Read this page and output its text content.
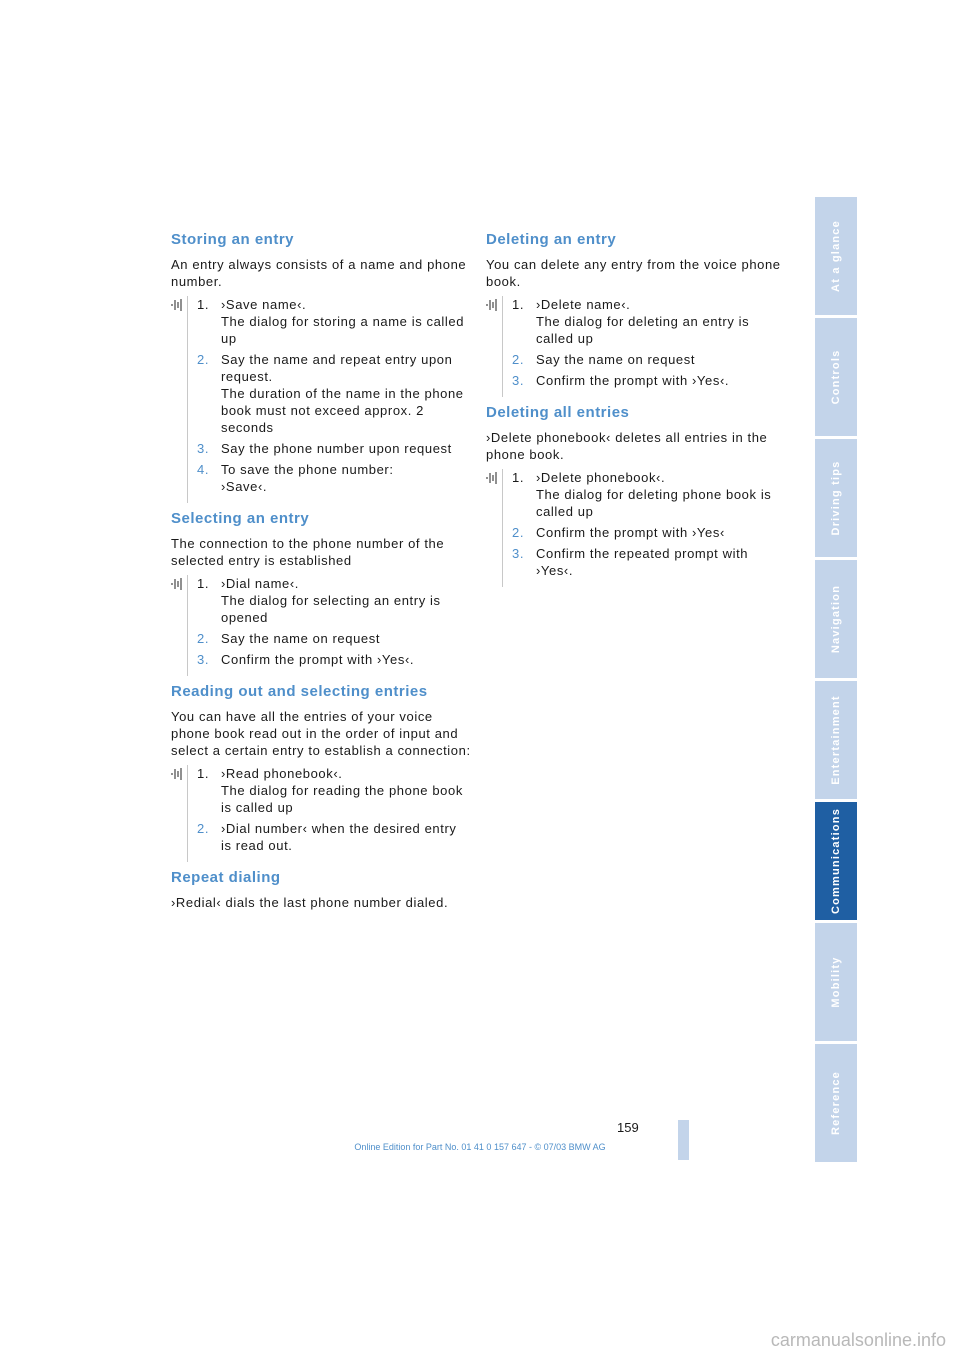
Storing an entry

An entry always consists of a name and phone number.

1. ›Save name‹.
The dialog for storing a name is called up
2. Say the name and repeat entry upon request.
The duration of the name in the phone book must not exceed approx. 2 seconds
3. Say the phone number upon request
4. To save the phone number:
›Save‹.
Selecting an entry

The connection to the phone number of the selected entry is established

1. ›Dial name‹.
The dialog for selecting an entry is opened
2. Say the name on request
3. Confirm the prompt with ›Yes‹.
Reading out and selecting entries

You can have all the entries of your voice phone book read out in the order of input and select a certain entry to establish a connection:

1. ›Read phonebook‹.
The dialog for reading the phone book is called up
2. ›Dial number‹ when the desired entry is read out.
Repeat dialing

›Redial‹ dials the last phone number dialed.

Deleting an entry

You can delete any entry from the voice phone book.

1. ›Delete name‹.
The dialog for deleting an entry is called up
2. Say the name on request
3. Confirm the prompt with ›Yes‹.
Deleting all entries

›Delete phonebook‹ deletes all entries in the phone book.

1. ›Delete phonebook‹.
The dialog for deleting phone book is called up
2. Confirm the prompt with ›Yes‹
3. Confirm the repeated prompt with ›Yes‹.
At a glance
Controls
Driving tips
Navigation
Entertainment
Communications
Mobility
Reference
159
Online Edition for Part No. 01 41 0 157 647 - © 07/03 BMW AG
carmanualsonline.info
